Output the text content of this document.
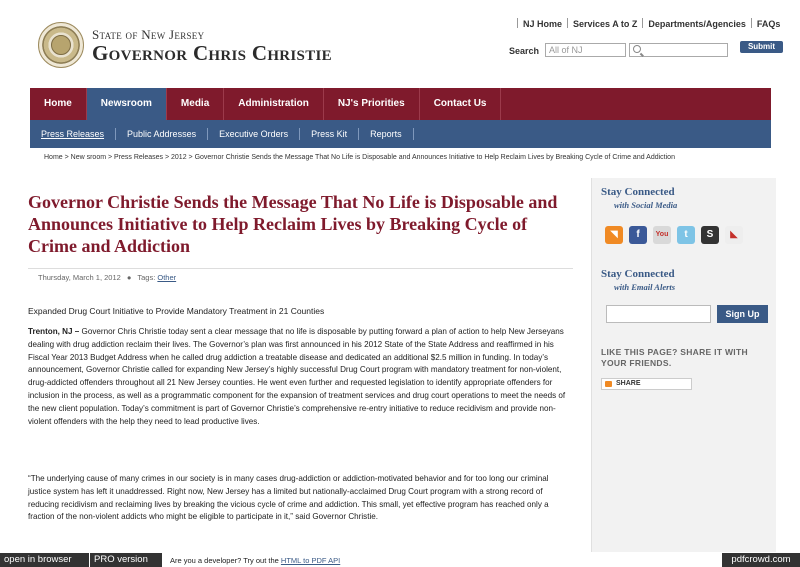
NJ Home Services A to Z Departments/Agencies FAQs
State of New Jersey
Governor Chris Christie	Search	All of NJ	Submit
Home	Newsroom	Media	Administration	NJ's Priorities	Contact Us
Press Releases	Public Addresses	Executive Orders	Press Kit	Reports
Home > New sroom > Press Releases > 2012 > Governor Christie Sends the Message That No Life is Disposable and Announces Initiative to Help Reclaim Lives by Breaking Cycle of Crime and Addiction
Governor Christie Sends the Message That No Life is Disposable and Announces Initiative to Help Reclaim Lives by Breaking Cycle of Crime and Addiction
Thursday, March 1, 2012 ● Tags: Other
Expanded Drug Court Initiative to Provide Mandatory Treatment in 21 Counties
Trenton, NJ – Governor Chris Christie today sent a clear message that no life is disposable by putting forward a plan of action to help New Jerseyans dealing with drug addiction reclaim their lives. The Governor’s plan was first announced in his 2012 State of the State Address and reaffirmed in his Fiscal Year 2013 Budget Address when he called drug addiction a treatable disease and dedicated an additional $2.5 million in funding. In today’s announcement, Governor Christie called for expanding New Jersey’s highly successful Drug Court program with mandatory treatment for non-violent, drug-addicted offenders throughout all 21 New Jersey counties. He went even further and requested legislation to identify appropriate offenders for inclusion in the process, as well as a programmatic component for the expansion of treatment services and drug court operations to meet the needs of the new client population. Today’s commitment is part of Governor Christie’s comprehensive re-entry initiative to reduce recidivism and provide non-violent offenders with the help they need to lead productive lives.
“The underlying cause of many crimes in our society is in many cases drug-addiction or addiction-motivated behavior and for too long our criminal justice system has left it unaddressed. Right now, New Jersey has a limited but nationally-acclaimed Drug Court program with a strong record of reducing recidivism and reclaiming lives by breaking the vicious cycle of crime and addiction. This small, yet effective program has reached only a fraction of the non-violent addicts who might be eligible to participate in it,” said Governor Christie.
Stay Connected
with Social Media
Stay Connected
with Email Alerts
◥	f	You	t	S	◣
Sign Up
LIKE THIS PAGE? SHARE IT WITH YOUR FRIENDS.
SHARE
open in browser	PRO version	Are you a developer? Try out the HTML to PDF API	pdfcrowd.com
